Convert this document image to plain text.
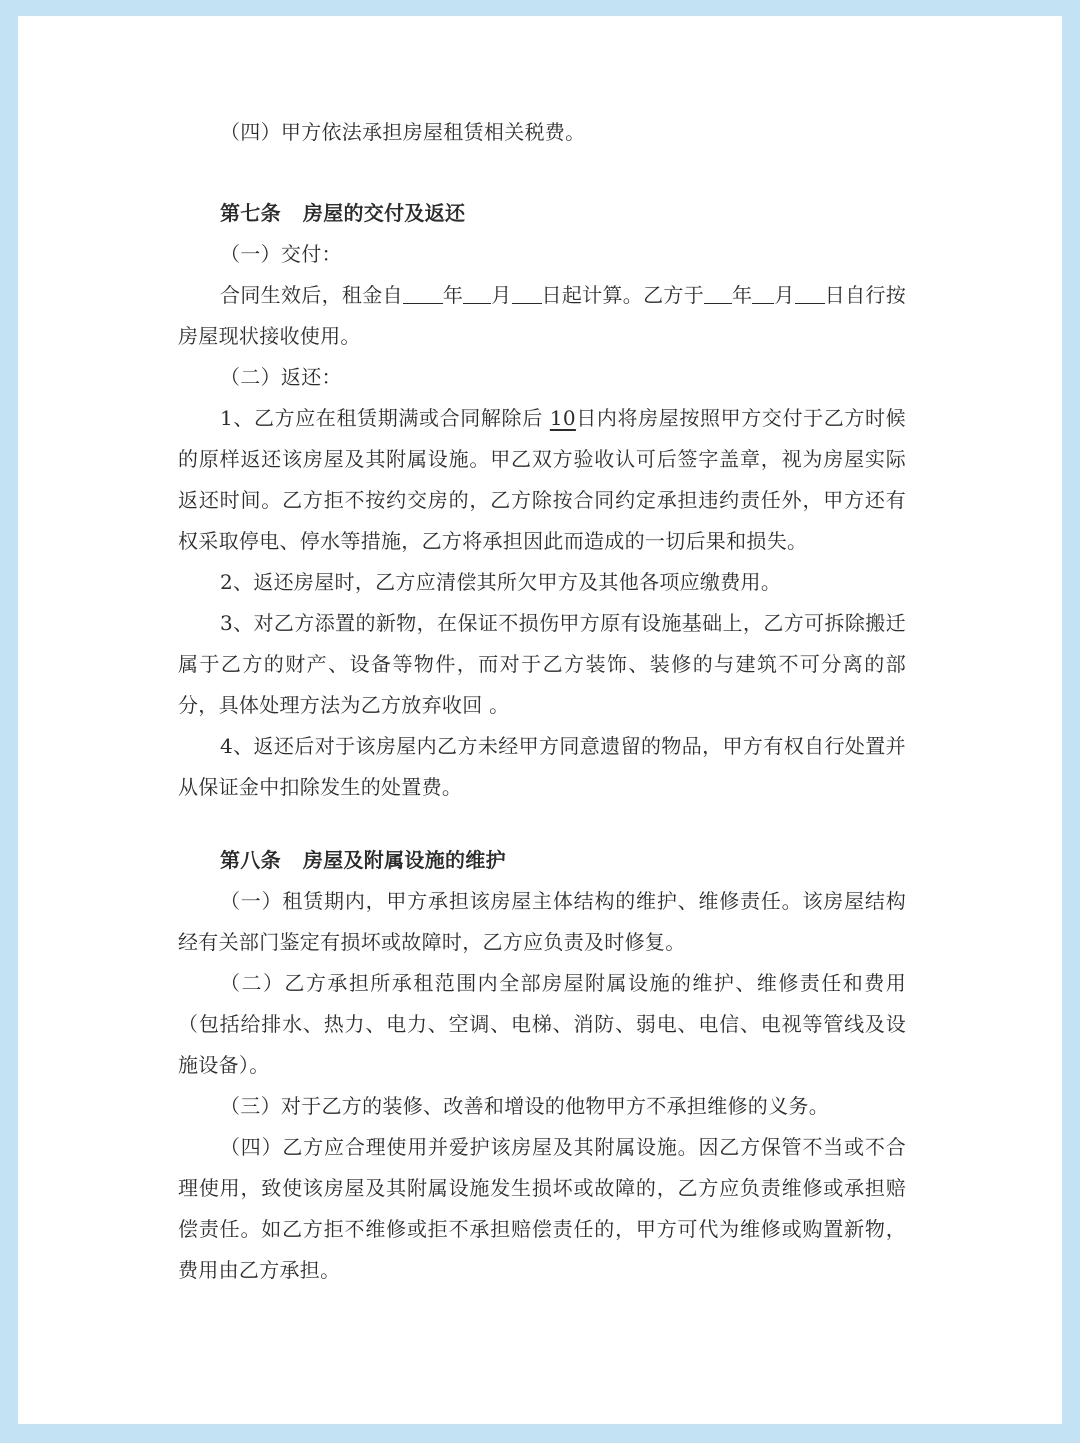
（四）甲方依法承担房屋租赁相关税费。

第七条 房屋的交付及返还

（一）交付：

合同生效后，租金自 年 月 日起计算。乙方于 年 月 日自行按房屋现状接收使用。

（二）返还：

1、乙方应在租赁期满或合同解除后 10日内将房屋按照甲方交付于乙方时候的原样返还该房屋及其附属设施。甲乙双方验收认可后签字盖章，视为房屋实际返还时间。乙方拒不按约交房的，乙方除按合同约定承担违约责任外，甲方还有权采取停电、停水等措施，乙方将承担因此而造成的一切后果和损失。

2、返还房屋时，乙方应清偿其所欠甲方及其他各项应缴费用。

3、对乙方添置的新物，在保证不损伤甲方原有设施基础上，乙方可拆除搬迁属于乙方的财产、设备等物件，而对于乙方装饰、装修的与建筑不可分离的部分，具体处理方法为乙方放弃收回 。

4、返还后对于该房屋内乙方未经甲方同意遗留的物品，甲方有权自行处置并从保证金中扣除发生的处置费。

第八条 房屋及附属设施的维护

（一）租赁期内，甲方承担该房屋主体结构的维护、维修责任。该房屋结构经有关部门鉴定有损坏或故障时，乙方应负责及时修复。

（二）乙方承担所承租范围内全部房屋附属设施的维护、维修责任和费用（包括给排水、热力、电力、空调、电梯、消防、弱电、电信、电视等管线及设施设备）。

（三）对于乙方的装修、改善和增设的他物甲方不承担维修的义务。

（四）乙方应合理使用并爱护该房屋及其附属设施。因乙方保管不当或不合理使用，致使该房屋及其附属设施发生损坏或故障的，乙方应负责维修或承担赔偿责任。如乙方拒不维修或拒不承担赔偿责任的，甲方可代为维修或购置新物，费用由乙方承担。
